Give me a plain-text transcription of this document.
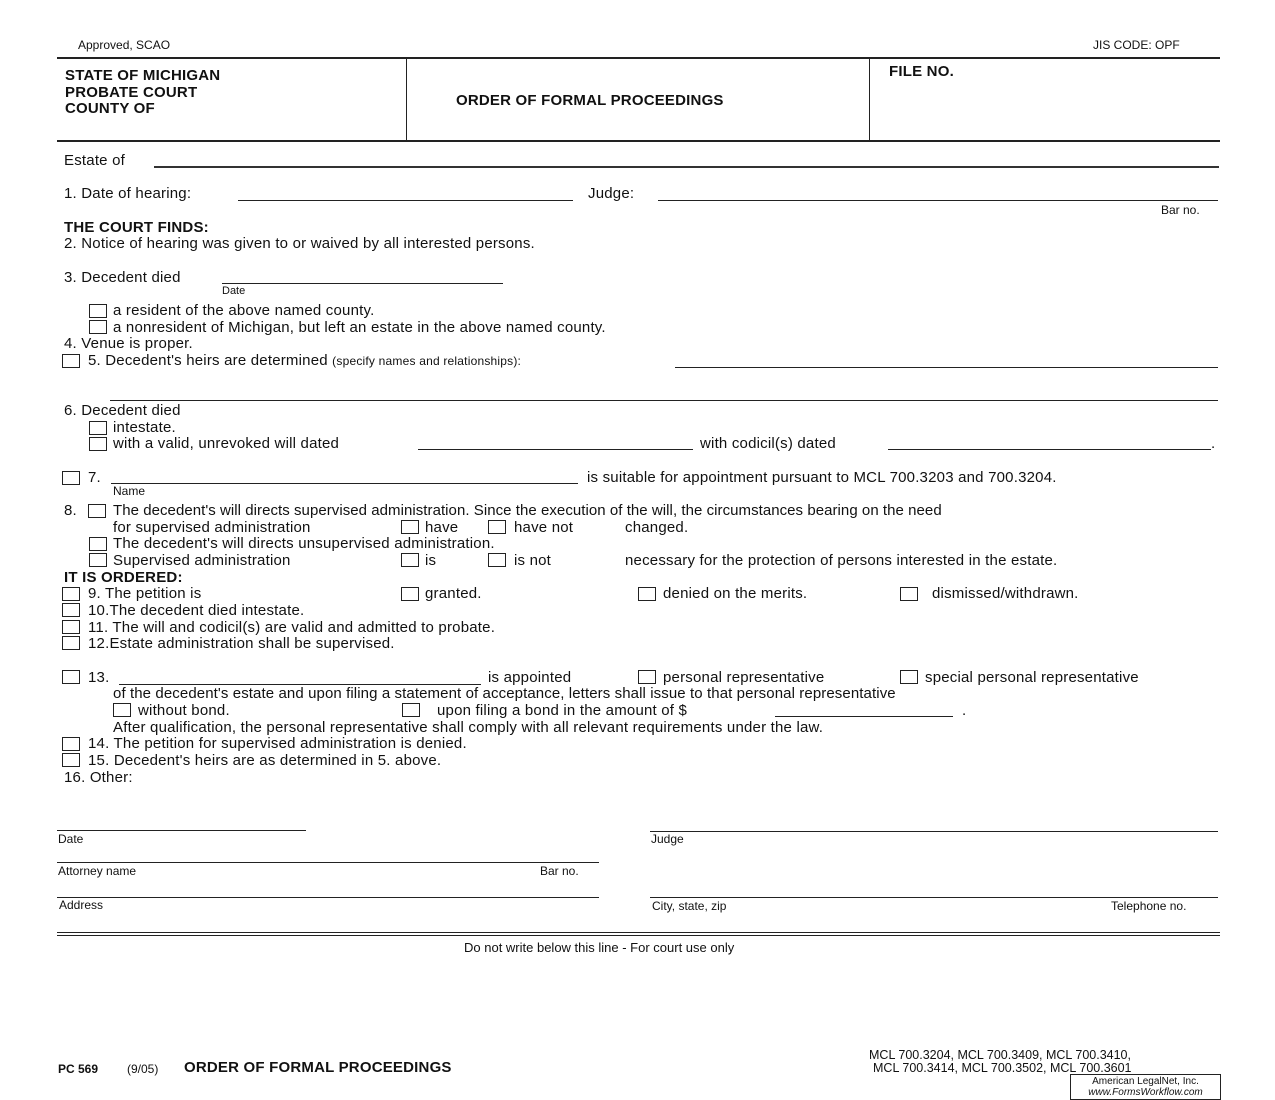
Approved, SCAO	JIS CODE: OPF
STATE OF MICHIGAN
PROBATE COURT
COUNTY OF	ORDER OF FORMAL PROCEEDINGS
FILE NO.
Estate of
1. Date of hearing:	Judge:
Bar no.
THE COURT FINDS:
2. Notice of hearing was given to or waived by all interested persons.
3. Decedent died
Date
a resident of the above named county.
a nonresident of Michigan, but left an estate in the above named county.
4. Venue is proper.
5. Decedent's heirs are determined (specify names and relationships):
6. Decedent died
intestate.
with a valid, unrevoked will dated	with codicil(s) dated	.
7.	is suitable for appointment pursuant to MCL 700.3203 and 700.3204.
Name
8. The decedent's will directs supervised administration. Since the execution of the will, the circumstances bearing on the need
for supervised administration	have	have not	changed.
The decedent's will directs unsupervised administration.
Supervised administration	is	is not	necessary for the protection of persons interested in the estate.
IT IS ORDERED:
9. The petition is	granted.	denied on the merits.	dismissed/withdrawn.
10.The decedent died intestate.
11. The will and codicil(s) are valid and admitted to probate.
12.Estate administration shall be supervised.
13.	is appointed	personal representative	special personal representative
of the decedent's estate and upon filing a statement of acceptance, letters shall issue to that personal representative
without bond.	upon filing a bond in the amount of $	.
After qualification, the personal representative shall comply with all relevant requirements under the law.
14. The petition for supervised administration is denied.
15. Decedent's heirs are as determined in 5. above.
16. Other:
Date	Judge
Attorney name	Bar no.
Address	City, state, zip	Telephone no.
Do not write below this line - For court use only
PC 569 (9/05) ORDER OF FORMAL PROCEEDINGS
MCL 700.3204, MCL 700.3409, MCL 700.3410,
MCL 700.3414, MCL 700.3502, MCL 700.3601
American LegalNet, Inc.
www.FormsWorkflow.com
